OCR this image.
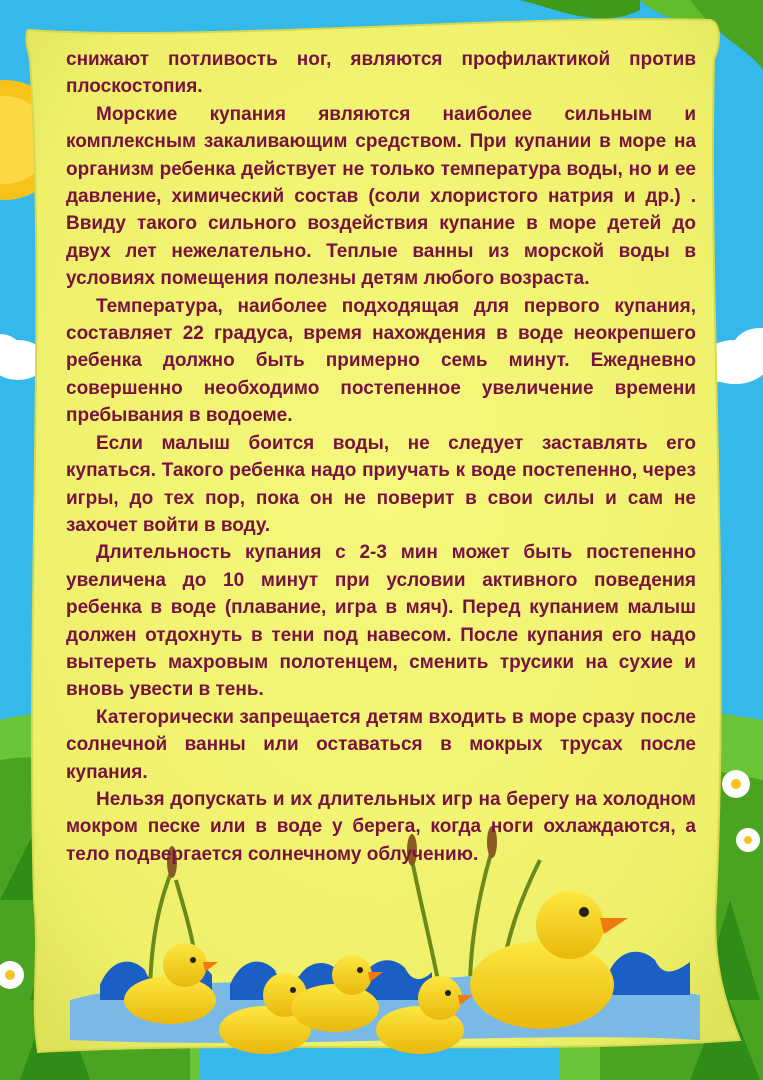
снижают потливость ног, являются профилактикой против плоскостопия.

Морские купания являются наиболее сильным и комплексным закаливающим средством. При купании в море на организм ребенка действует не только температура воды, но и ее давление, химический состав (соли хлористого натрия и др.) . Ввиду такого сильного воздействия купание в море детей до двух лет нежелательно. Теплые ванны из морской воды в условиях помещения полезны детям любого возраста.

Температура, наиболее подходящая для первого купания, составляет 22 градуса, время нахождения в воде неокрепшего ребенка должно быть примерно семь минут. Ежедневно совершенно необходимо постепенное увеличение времени пребывания в водоеме.

Если малыш боится воды, не следует заставлять его купаться. Такого ребенка надо приучать к воде постепенно, через игры, до тех пор, пока он не поверит в свои силы и сам не захочет войти в воду.

Длительность купания с 2-3 мин может быть постепенно увеличена до 10 минут при условии активного поведения ребенка в воде (плавание, игра в мяч). Перед купанием малыш должен отдохнуть в тени под навесом. После купания его надо вытереть махровым полотенцем, сменить трусики на сухие и вновь увести в тень.

Категорически запрещается детям входить в море сразу после солнечной ванны или оставаться в мокрых трусах после купания.

Нельзя допускать и их длительных игр на берегу на холодном мокром песке или в воде у берега, когда ноги охлаждаются, а тело подвергается солнечному облучению.
